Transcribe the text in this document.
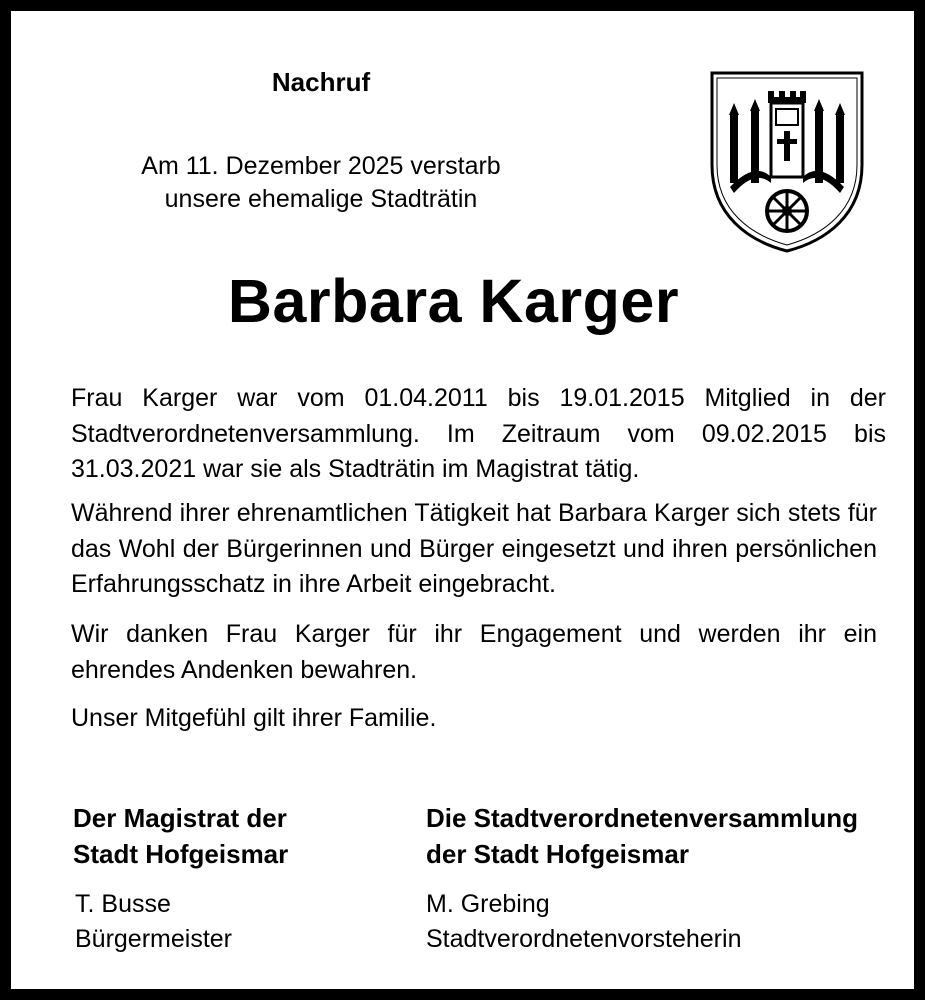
Nachruf
Am 11. Dezember 2025 verstarb
unsere ehemalige Stadträtin
Barbara Karger

Frau Karger war vom 01.04.2011 bis 19.01.2015 Mitglied in der Stadtverordnetenversammlung. Im Zeitraum vom 09.02.2015 bis 31.03.2021 war sie als Stadträtin im Magistrat tätig.

Während ihrer ehrenamtlichen Tätigkeit hat Barbara Karger sich stets für das Wohl der Bürgerinnen und Bürger eingesetzt und ihren persönlichen Erfahrungsschatz in ihre Arbeit eingebracht.

Wir danken Frau Karger für ihr Engagement und werden ihr ein ehrendes Andenken bewahren.

Unser Mitgefühl gilt ihrer Familie.

Der Magistrat der
Stadt Hofgeismar
Die Stadtverordnetenversammlung
der Stadt Hofgeismar
T. Busse
Bürgermeister
M. Grebing
Stadtverordnetenvorsteherin
